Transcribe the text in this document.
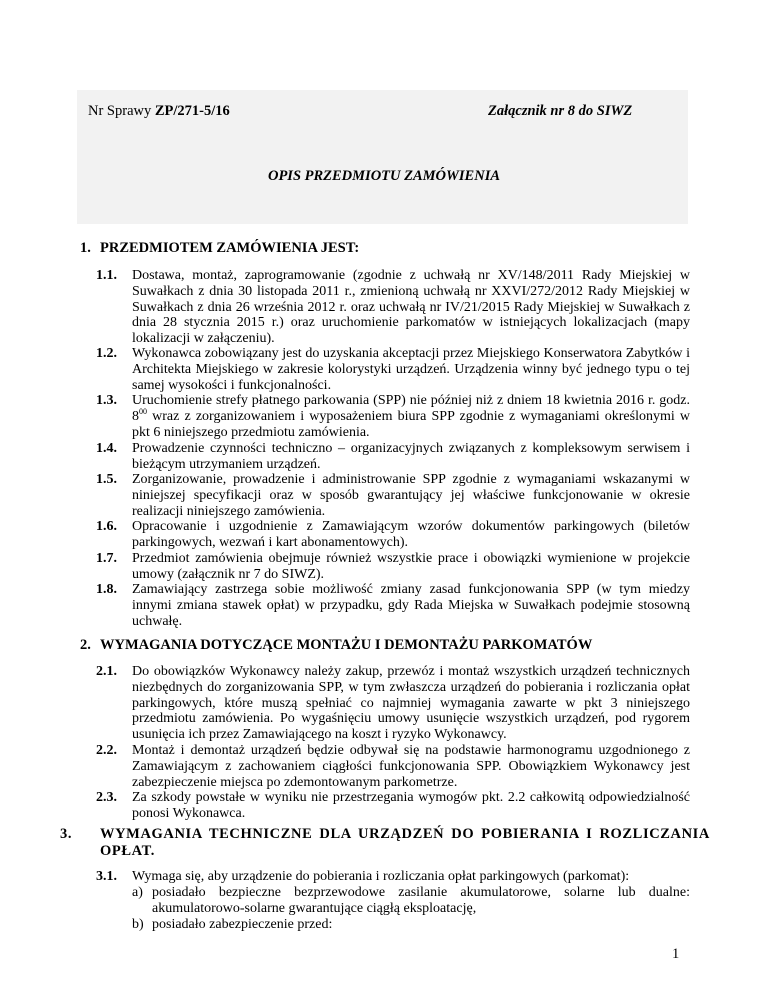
Nr Sprawy ZP/271-5/16	Załącznik nr 8 do SIWZ
OPIS PRZEDMIOTU ZAMÓWIENIA
1. PRZEDMIOTEM ZAMÓWIENIA JEST:
1.1. Dostawa, montaż, zaprogramowanie (zgodnie z uchwałą nr XV/148/2011 Rady Miejskiej w Suwałkach z dnia 30 listopada 2011 r., zmienioną uchwałą nr XXVI/272/2012 Rady Miejskiej w Suwałkach z dnia 26 września 2012 r. oraz uchwałą nr IV/21/2015 Rady Miejskiej w Suwałkach z dnia 28 stycznia 2015 r.) oraz uruchomienie parkomatów w istniejących lokalizacjach (mapy lokalizacji w załączeniu).
1.2. Wykonawca zobowiązany jest do uzyskania akceptacji przez Miejskiego Konserwatora Zabytków i Architekta Miejskiego w zakresie kolorystyki urządzeń. Urządzenia winny być jednego typu o tej samej wysokości i funkcjonalności.
1.3. Uruchomienie strefy płatnego parkowania (SPP) nie później niż z dniem 18 kwietnia 2016 r. godz. $8^{00}$ wraz z zorganizowaniem i wyposażeniem biura SPP zgodnie z wymaganiami określonymi w pkt 6 niniejszego przedmiotu zamówienia.
1.4. Prowadzenie czynności techniczno – organizacyjnych związanych z kompleksowym serwisem i bieżącym utrzymaniem urządzeń.
1.5. Zorganizowanie, prowadzenie i administrowanie SPP zgodnie z wymaganiami wskazanymi w niniejszej specyfikacji oraz w sposób gwarantujący jej właściwe funkcjonowanie w okresie realizacji niniejszego zamówienia.
1.6. Opracowanie i uzgodnienie z Zamawiającym wzorów dokumentów parkingowych (biletów parkingowych, wezwań i kart abonamentowych).
1.7. Przedmiot zamówienia obejmuje również wszystkie prace i obowiązki wymienione w projekcie umowy (załącznik nr 7 do SIWZ).
1.8. Zamawiający zastrzega sobie możliwość zmiany zasad funkcjonowania SPP (w tym miedzy innymi zmiana stawek opłat) w przypadku, gdy Rada Miejska w Suwałkach podejmie stosowną uchwałę.
2. WYMAGANIA DOTYCZĄCE MONTAŻU I DEMONTAŻU PARKOMATÓW
2.1. Do obowiązków Wykonawcy należy zakup, przewóz i montaż wszystkich urządzeń technicznych niezbędnych do zorganizowania SPP, w tym zwłaszcza urządzeń do pobierania i rozliczania opłat parkingowych, które muszą spełniać co najmniej wymagania zawarte w pkt 3 niniejszego przedmiotu zamówienia. Po wygaśnięciu umowy usunięcie wszystkich urządzeń, pod rygorem usunięcia ich przez Zamawiającego na koszt i ryzyko Wykonawcy.
2.2. Montaż i demontaż urządzeń będzie odbywał się na podstawie harmonogramu uzgodnionego z Zamawiającym z zachowaniem ciągłości funkcjonowania SPP. Obowiązkiem Wykonawcy jest zabezpieczenie miejsca po zdemontowanym parkometrze.
2.3. Za szkody powstałe w wyniku nie przestrzegania wymogów pkt. 2.2 całkowitą odpowiedzialność ponosi Wykonawca.
3. WYMAGANIA TECHNICZNE DLA URZĄDZEŃ DO POBIERANIA I ROZLICZANIA OPŁAT.
3.1. Wymaga się, aby urządzenie do pobierania i rozliczania opłat parkingowych (parkomat):
a) posiadało bezpieczne bezprzewodowe zasilanie akumulatorowe, solarne lub dualne: akumulatorowo-solarne gwarantujące ciągłą eksploatację,
b) posiadało zabezpieczenie przed:
1
